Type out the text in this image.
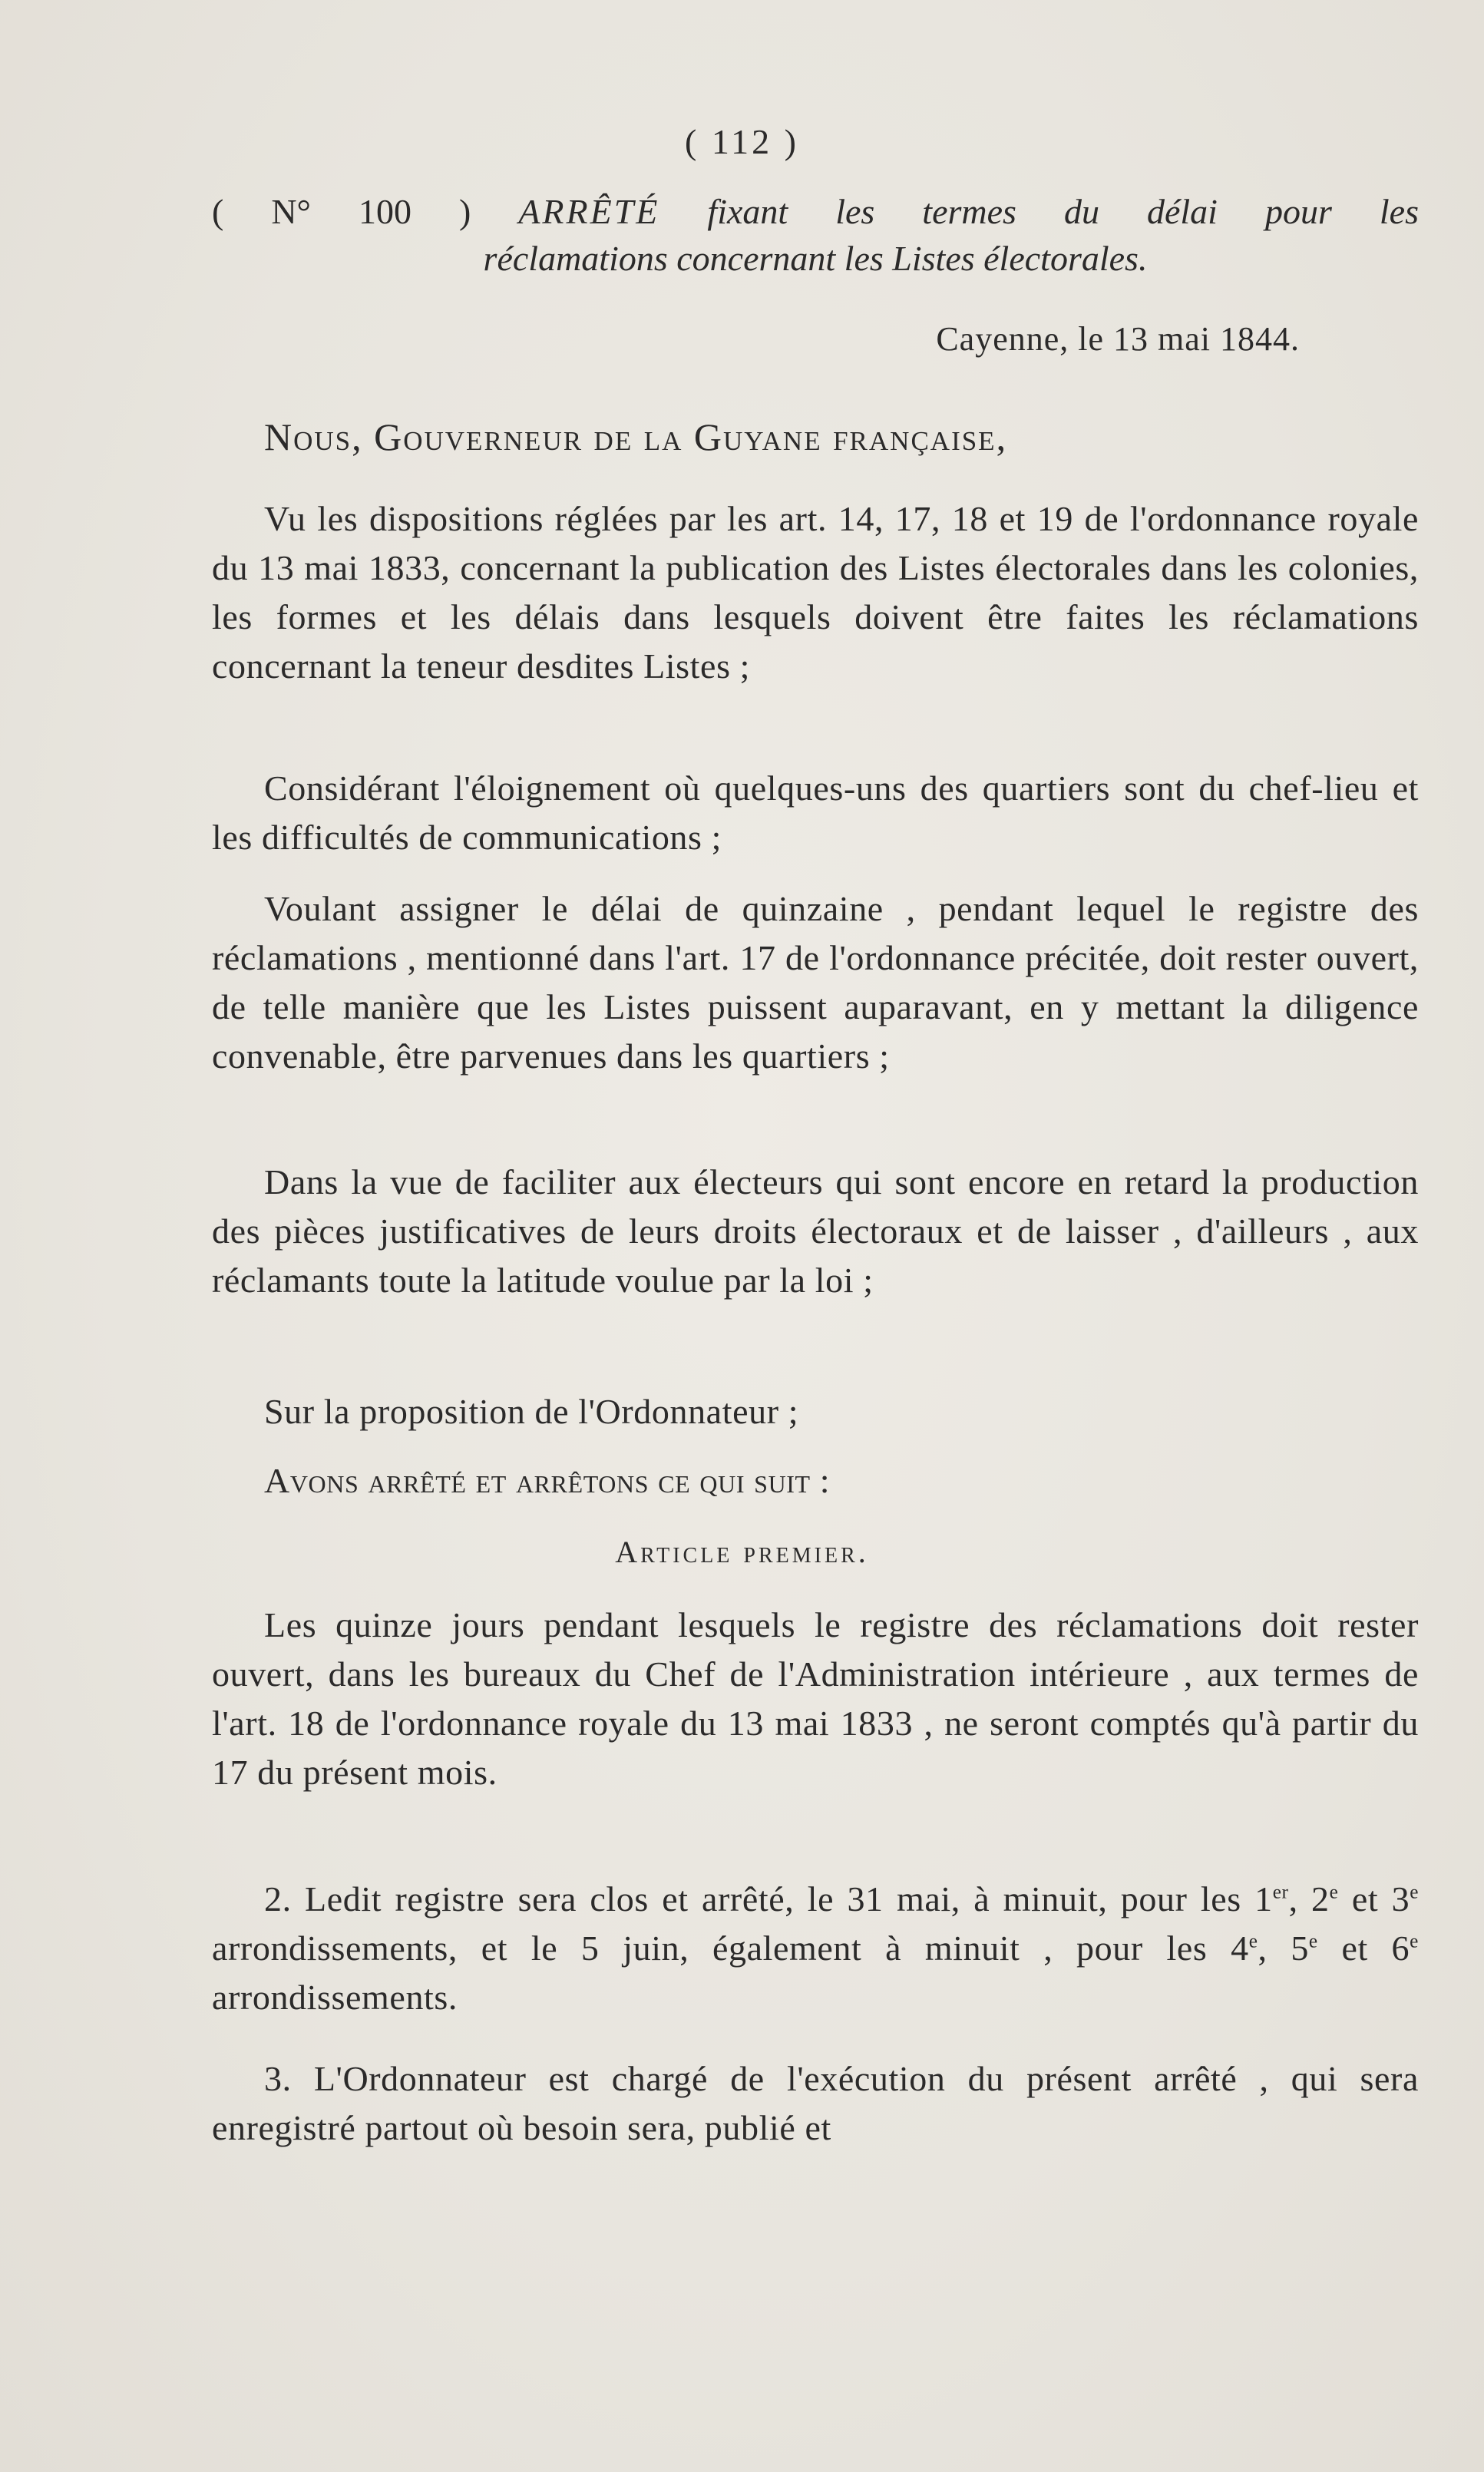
( 112 )
( N° 100 ) ARRÊTÉ fixant les termes du délai pour les
réclamations concernant les Listes électorales.
Cayenne, le 13 mai 1844.
Nous, Gouverneur de la Guyane française,
Vu les dispositions réglées par les art. 14, 17, 18 et 19 de l'ordonnance royale du 13 mai 1833, concernant la publication des Listes électorales dans les colonies, les formes et les délais dans lesquels doivent être faites les réclamations concernant la teneur desdites Listes ;
Considérant l'éloignement où quelques-uns des quartiers sont du chef-lieu et les difficultés de communications ;
Voulant assigner le délai de quinzaine , pendant lequel le registre des réclamations , mentionné dans l'art. 17 de l'ordonnance précitée, doit rester ouvert, de telle manière que les Listes puissent auparavant, en y mettant la diligence convenable, être parvenues dans les quartiers ;
Dans la vue de faciliter aux électeurs qui sont encore en retard la production des pièces justificatives de leurs droits électoraux et de laisser , d'ailleurs , aux réclamants toute la latitude voulue par la loi ;
Sur la proposition de l'Ordonnateur ;
Avons arrêté et arrêtons ce qui suit :
Article premier.
Les quinze jours pendant lesquels le registre des réclamations doit rester ouvert, dans les bureaux du Chef de l'Administration intérieure , aux termes de l'art. 18 de l'ordonnance royale du 13 mai 1833 , ne seront comptés qu'à partir du 17 du présent mois.
2. Ledit registre sera clos et arrêté, le 31 mai, à minuit, pour les 1er, 2e et 3e arrondissements, et le 5 juin, également à minuit , pour les 4e, 5e et 6e arrondissements.
3. L'Ordonnateur est chargé de l'exécution du présent arrêté , qui sera enregistré partout où besoin sera, publié et
